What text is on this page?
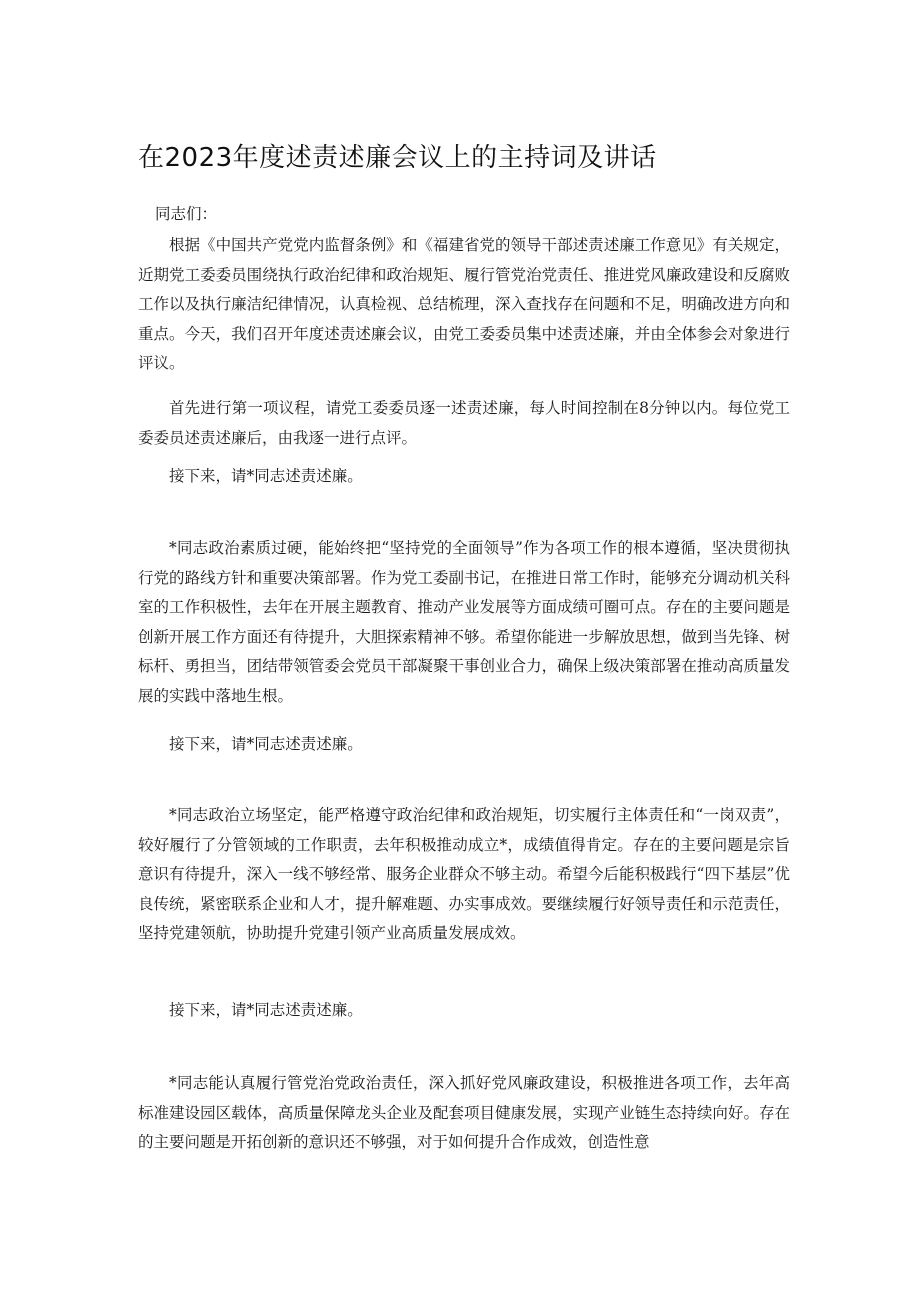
在2023年度述责述廉会议上的主持词及讲话

同志们：

根据《中国共产党党内监督条例》和《福建省党的领导干部述责述廉工作意见》有关规定，近期党工委委员围绕执行政治纪律和政治规矩、履行管党治党责任、推进党风廉政建设和反腐败工作以及执行廉洁纪律情况，认真检视、总结梳理，深入查找存在问题和不足，明确改进方向和重点。今天，我们召开年度述责述廉会议，由党工委委员集中述责述廉，并由全体参会对象进行评议。

首先进行第一项议程，请党工委委员逐一述责述廉，每人时间控制在8分钟以内。每位党工委委员述责述廉后，由我逐一进行点评。

接下来，请*同志述责述廉。

*同志政治素质过硬，能始终把“坚持党的全面领导”作为各项工作的根本遵循，坚决贯彻执行党的路线方针和重要决策部署。作为党工委副书记，在推进日常工作时，能够充分调动机关科室的工作积极性，去年在开展主题教育、推动产业发展等方面成绩可圈可点。存在的主要问题是创新开展工作方面还有待提升，大胆探索精神不够。希望你能进一步解放思想，做到当先锋、树标杆、勇担当，团结带领管委会党员干部凝聚干事创业合力，确保上级决策部署在推动高质量发展的实践中落地生根。

接下来，请*同志述责述廉。

*同志政治立场坚定，能严格遵守政治纪律和政治规矩，切实履行主体责任和“一岗双责”，较好履行了分管领域的工作职责，去年积极推动成立*，成绩值得肯定。存在的主要问题是宗旨意识有待提升，深入一线不够经常、服务企业群众不够主动。希望今后能积极践行“四下基层”优良传统，紧密联系企业和人才，提升解难题、办实事成效。要继续履行好领导责任和示范责任，坚持党建领航，协助提升党建引领产业高质量发展成效。

接下来，请*同志述责述廉。

*同志能认真履行管党治党政治责任，深入抓好党风廉政建设，积极推进各项工作，去年高标准建设园区载体，高质量保障龙头企业及配套项目健康发展，实现产业链生态持续向好。存在的主要问题是开拓创新的意识还不够强，对于如何提升合作成效，创造性意
